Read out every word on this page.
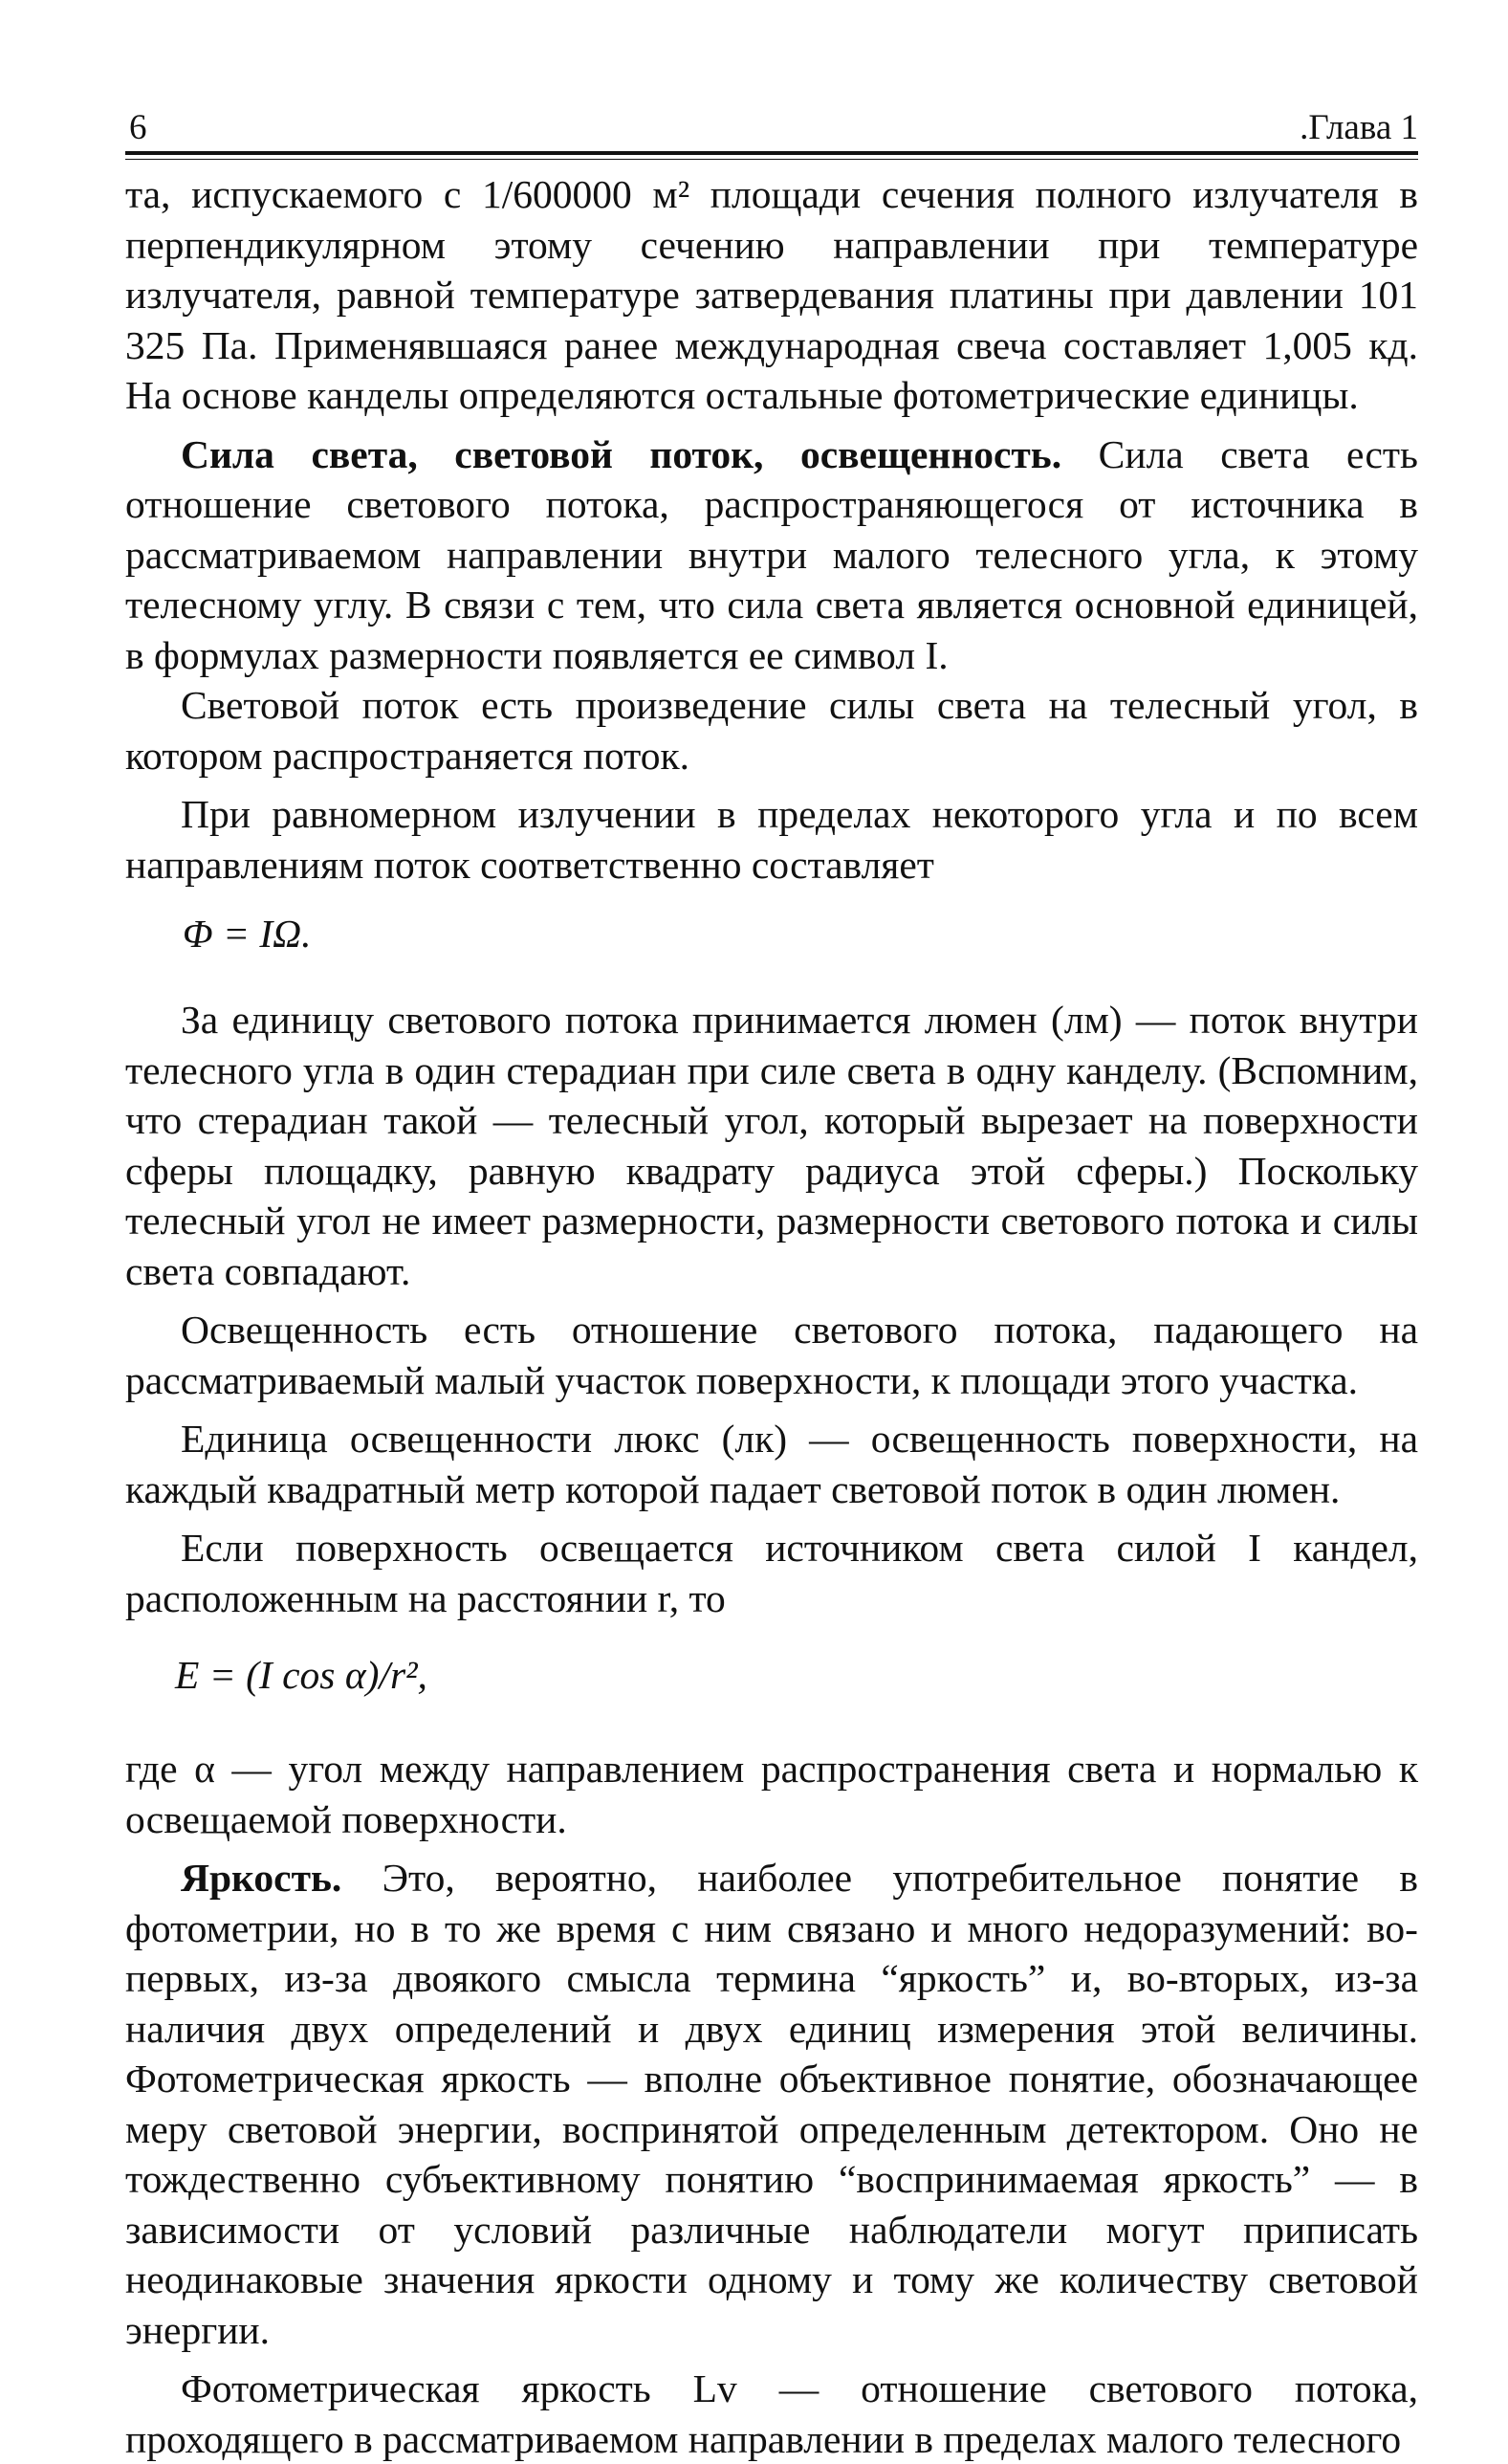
6	.Глава 1

та, испускаемого с 1/600000 м² площади сечения полного излучателя в перпендикулярном этому сечению направлении при температуре излучателя, равной температуре затвердевания платины при давлении 101 325 Па. Применявшаяся ранее международная свеча составляет 1,005 кд. На основе канделы определяются остальные фотометрические единицы.

Сила света, световой поток, освещенность. Сила света есть отношение светового потока, распространяющегося от источника в рассматриваемом направлении внутри малого телесного угла, к этому телесному углу. В связи с тем, что сила света является основной единицей, в формулах размерности появляется ее символ I.

Световой поток есть произведение силы света на телесный угол, в котором распространяется поток.

При равномерном излучении в пределах некоторого угла и по всем направлениям поток соответственно составляет

Φ = IΩ.

За единицу светового потока принимается люмен (лм) — поток внутри телесного угла в один стерадиан при силе света в одну канделу. (Вспомним, что стерадиан такой — телесный угол, который вырезает на поверхности сферы площадку, равную квадрату радиуса этой сферы.) Поскольку телесный угол не имеет размерности, размерности светового потока и силы света совпадают.

Освещенность есть отношение светового потока, падающего на рассматриваемый малый участок поверхности, к площади этого участка.

Единица освещенности люкс (лк) — освещенность поверхности, на каждый квадратный метр которой падает световой поток в один люмен.

Если поверхность освещается источником света силой I кандел, расположенным на расстоянии r, то

E = (I cos α)/r²,

где α — угол между направлением распространения света и нормалью к освещаемой поверхности.

Яркость. Это, вероятно, наиболее употребительное понятие в фотометрии, но в то же время с ним связано и много недоразумений: во-первых, из-за двоякого смысла термина “яркость” и, во-вторых, из-за наличия двух определений и двух единиц измерения этой величины. Фотометрическая яркость — вполне объективное понятие, обозначающее меру световой энергии, воспринятой определенным детектором. Оно не тождественно субъективному понятию “воспринимаемая яркость” — в зависимости от условий различные наблюдатели могут приписать неодинаковые значения яркости одному и тому же количеству световой энергии.

Фотометрическая яркость Lv — отношение светового потока, проходящего в рассматриваемом направлении в пределах малого телесного
